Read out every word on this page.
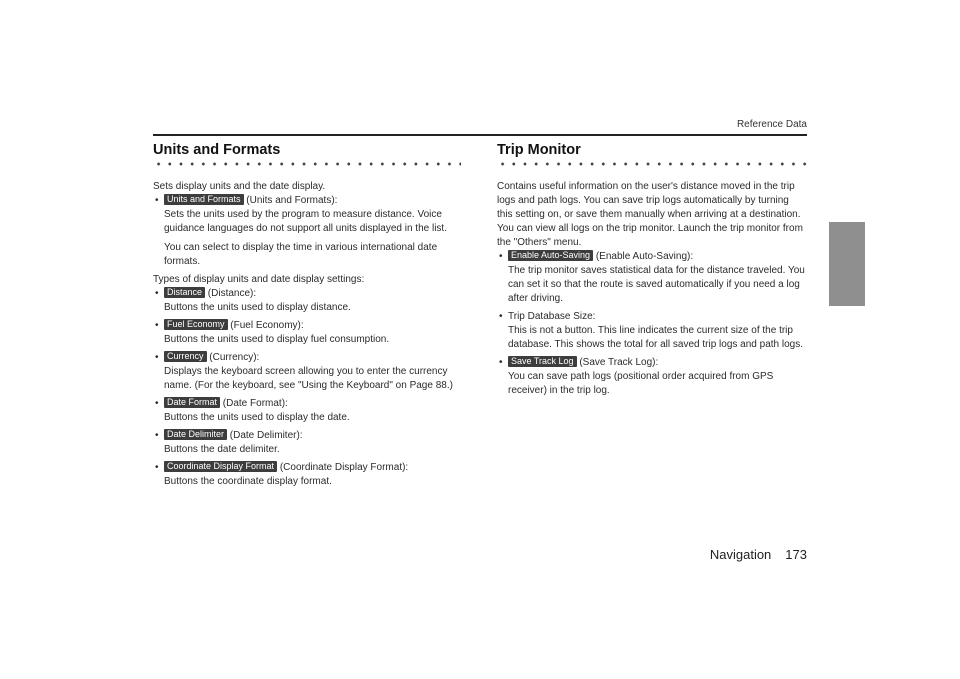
Reference Data
Units and Formats

Sets display units and the date display.

• Units and Formats (Units and Formats):
Sets the units used by the program to measure distance. Voice guidance languages do not support all units displayed in the list.
You can select to display the time in various international date formats.

Types of display units and date display settings:

• Distance (Distance):
Buttons the units used to display distance.
• Fuel Economy (Fuel Economy):
Buttons the units used to display fuel consumption.
• Currency (Currency):
Displays the keyboard screen allowing you to enter the currency name. (For the keyboard, see "Using the Keyboard" on Page 88.)
• Date Format (Date Format):
Buttons the units used to display the date.
• Date Delimiter (Date Delimiter):
Buttons the date delimiter.
• Coordinate Display Format (Coordinate Display Format):
Buttons the coordinate display format.
Trip Monitor

Contains useful information on the user's distance moved in the trip logs and path logs. You can save trip logs automatically by turning this setting on, or save them manually when arriving at a destination. You can view all logs on the trip monitor. Launch the trip monitor from the "Others" menu.

• Enable Auto-Saving (Enable Auto-Saving):
The trip monitor saves statistical data for the distance traveled. You can set it so that the route is saved automatically if you need a log after driving.
• Trip Database Size:
This is not a button. This line indicates the current size of the trip database. This shows the total for all saved trip logs and path logs.
• Save Track Log (Save Track Log):
You can save path logs (positional order acquired from GPS receiver) in the trip log.
Navigation 173
